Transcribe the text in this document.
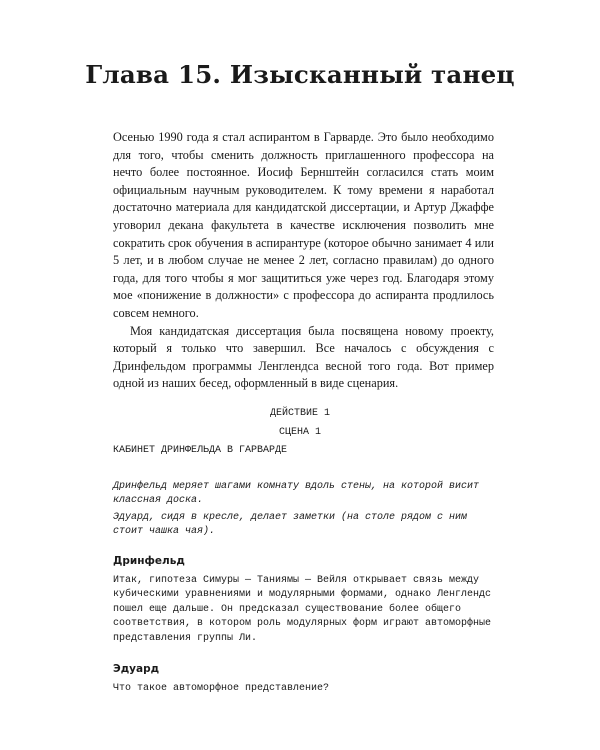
Глава 15. Изысканный танец

Осенью 1990 года я стал аспирантом в Гарварде. Это было необходимо для того, чтобы сменить должность приглашенного профессора на нечто более постоянное. Иосиф Бернштейн согласился стать моим официальным научным руководителем. К тому времени я наработал достаточно материала для кандидатской диссертации, и Артур Джаффе уговорил декана факультета в качестве исключения позволить мне сократить срок обучения в аспирантуре (которое обычно занимает 4 или 5 лет, и в любом случае не менее 2 лет, согласно правилам) до одного года, для того чтобы я мог защититься уже через год. Благодаря этому мое «понижение в должности» с профессора до аспиранта продлилось совсем немного.

Моя кандидатская диссертация была посвящена новому проекту, который я только что завершил. Все началось с обсуждения с Дринфельдом программы Ленглендса весной того года. Вот пример одной из наших бесед, оформленный в виде сценария.

ДЕЙСТВИЕ 1
СЦЕНА 1
КАБИНЕТ ДРИНФЕЛЬДА В ГАРВАРДЕ
Дринфельд меряет шагами комнату вдоль стены, на которой висит классная доска.
Эдуард, сидя в кресле, делает заметки (на столе рядом с ним стоит чашка чая).
Дринфельд
Итак, гипотеза Симуры — Таниямы — Вейля открывает связь между кубическими уравнениями и модулярными формами, однако Ленглендс пошел еще дальше. Он предсказал существование более общего соответствия, в котором роль модулярных форм играют автоморфные представления группы Ли.
Эдуард
Что такое автоморфное представление?
